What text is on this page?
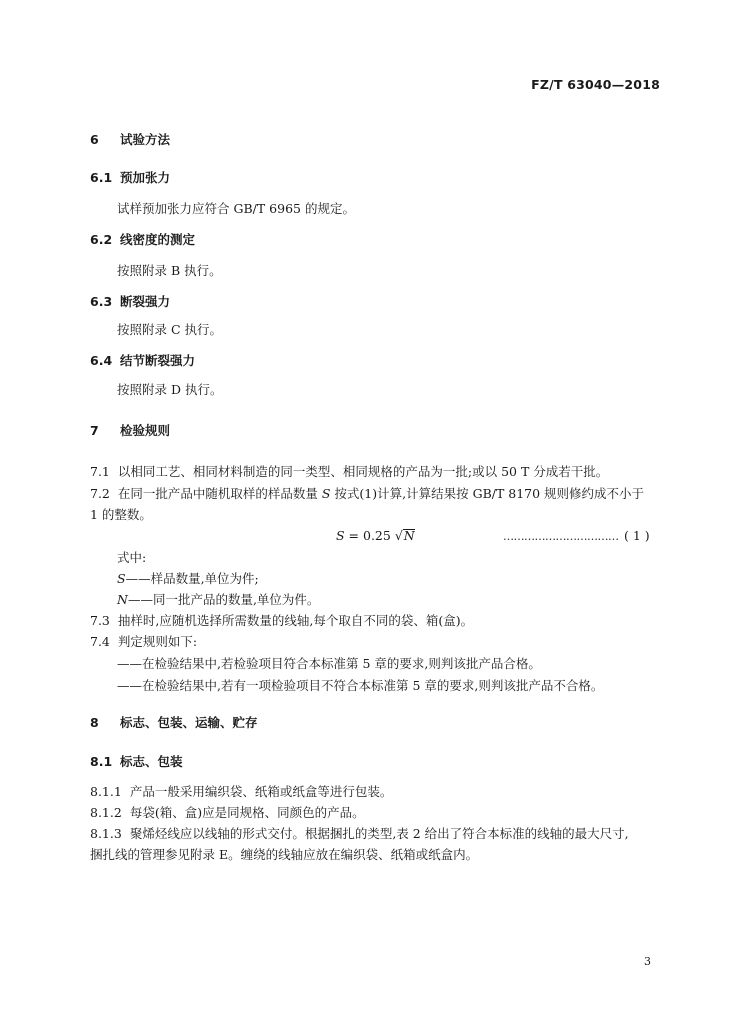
FZ/T 63040—2018
6 试验方法
6.1 预加张力
试样预加张力应符合 GB/T 6965 的规定。
6.2 线密度的测定
按照附录 B 执行。
6.3 断裂强力
按照附录 C 执行。
6.4 结节断裂强力
按照附录 D 执行。
7 检验规则
7.1 以相同工艺、相同材料制造的同一类型、相同规格的产品为一批;或以 50 T 分成若干批。
7.2 在同一批产品中随机取样的样品数量 S 按式(1)计算,计算结果按 GB/T 8170 规则修约成不小于
1 的整数。
S = 0.25 √N	…………………………… ( 1 )
式中:
S——样品数量,单位为件;
N——同一批产品的数量,单位为件。
7.3 抽样时,应随机选择所需数量的线轴,每个取自不同的袋、箱(盒)。
7.4 判定规则如下:
——在检验结果中,若检验项目符合本标准第 5 章的要求,则判该批产品合格。
——在检验结果中,若有一项检验项目不符合本标准第 5 章的要求,则判该批产品不合格。
8 标志、包装、运输、贮存
8.1 标志、包装
8.1.1 产品一般采用编织袋、纸箱或纸盒等进行包装。
8.1.2 每袋(箱、盒)应是同规格、同颜色的产品。
8.1.3 聚烯烃线应以线轴的形式交付。根据捆扎的类型,表 2 给出了符合本标准的线轴的最大尺寸,
捆扎线的管理参见附录 E。缠绕的线轴应放在编织袋、纸箱或纸盒内。
3
